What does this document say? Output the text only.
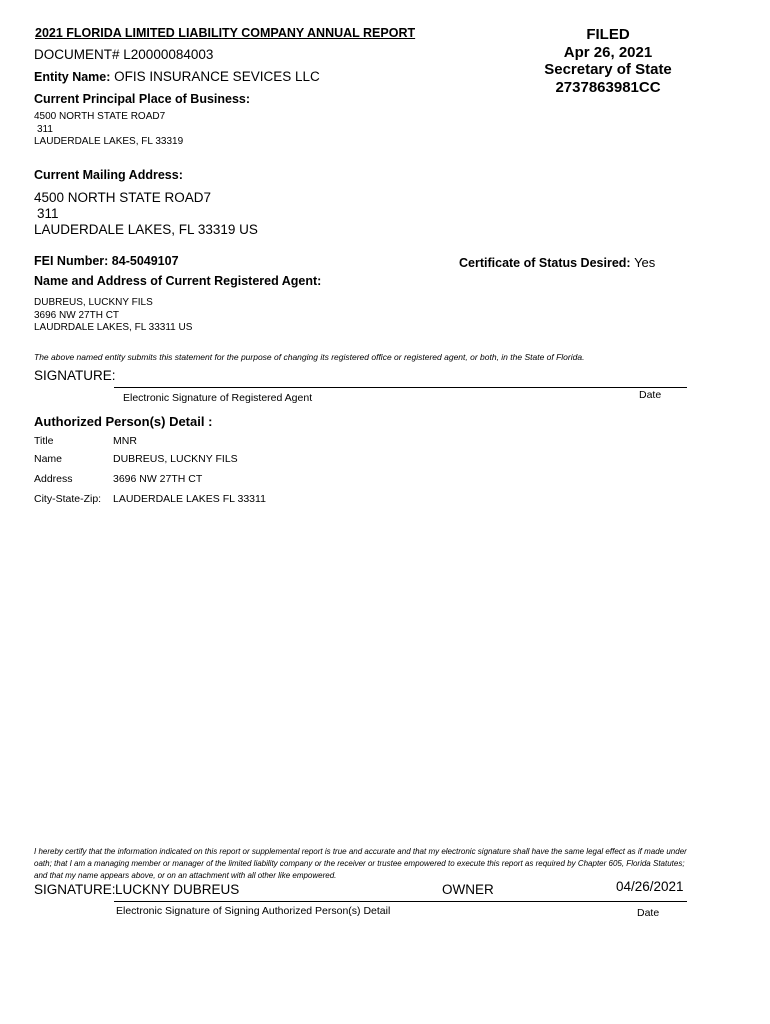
2021 FLORIDA LIMITED LIABILITY COMPANY ANNUAL REPORT	FILED
Apr 26, 2021
Secretary of State
2737863981CC
DOCUMENT# L20000084003
Entity Name: OFIS INSURANCE SEVICES LLC
Current Principal Place of Business:
4500 NORTH STATE ROAD7
311
LAUDERDALE LAKES, FL 33319
Current Mailing Address:
4500 NORTH STATE ROAD7
311
LAUDERDALE LAKES, FL 33319 US
FEI Number: 84-5049107	Certificate of Status Desired: Yes
Name and Address of Current Registered Agent:
DUBREUS, LUCKNY FILS
3696 NW 27TH CT
LAUDRDALE LAKES, FL 33311 US
The above named entity submits this statement for the purpose of changing its registered office or registered agent, or both, in the State of Florida.
SIGNATURE:
Electronic Signature of Registered Agent	Date
Authorized Person(s) Detail :
Title	MNR
Name	DUBREUS, LUCKNY FILS
Address	3696 NW 27TH CT
City-State-Zip: LAUDERDALE LAKES FL 33311
I hereby certify that the information indicated on this report or supplemental report is true and accurate and that my electronic signature shall have the same legal effect as if made under oath; that I am a managing member or manager of the limited liability company or the receiver or trustee empowered to execute this report as required by Chapter 605, Florida Statutes; and that my name appears above, or on an attachment with all other like empowered.
SIGNATURE: LUCKNY DUBREUS	OWNER	04/26/2021
Electronic Signature of Signing Authorized Person(s) Detail	Date
